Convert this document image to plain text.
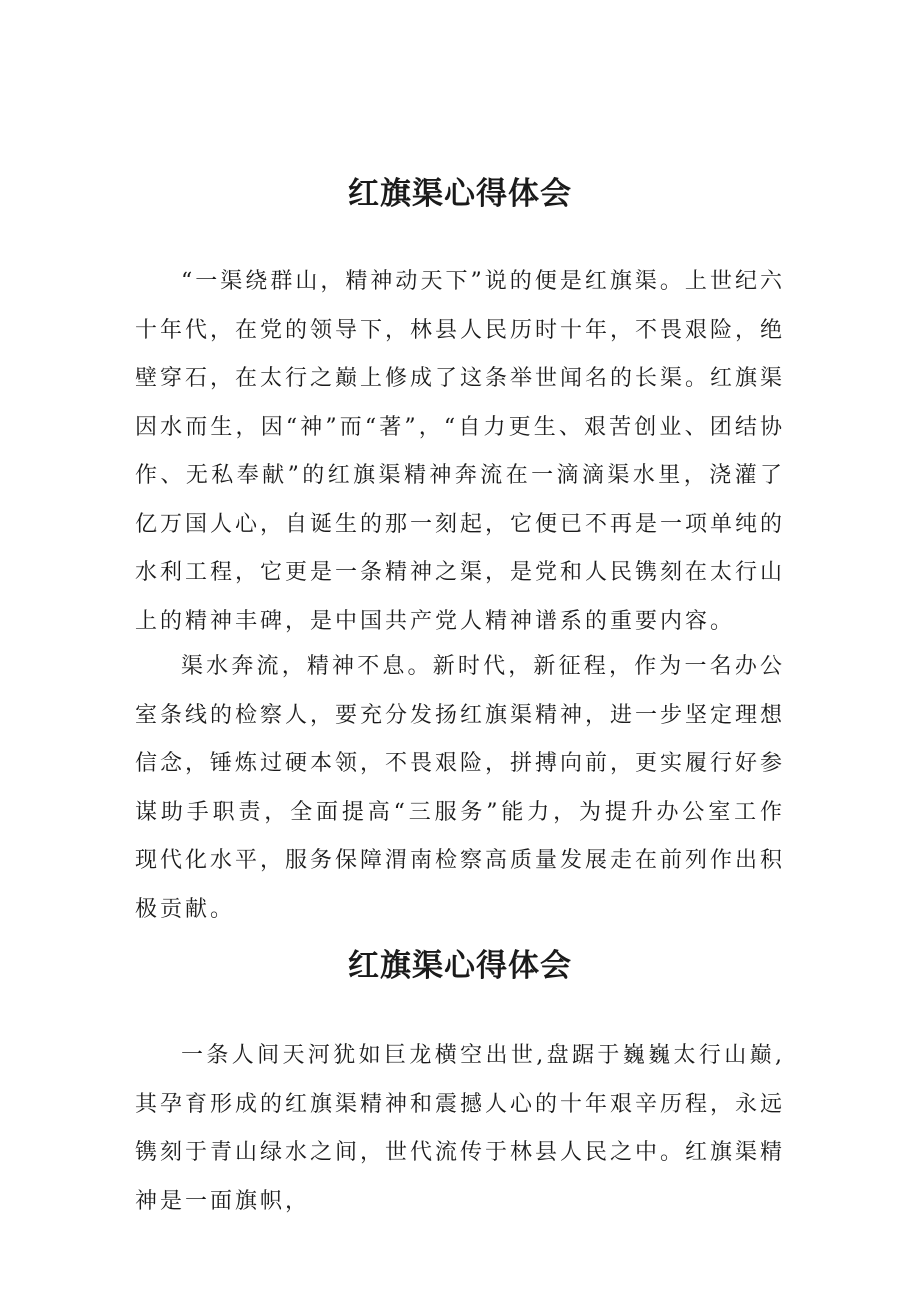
红旗渠心得体会

“一渠绕群山，精神动天下”说的便是红旗渠。上世纪六十年代，在党的领导下，林县人民历时十年，不畏艰险，绝壁穿石，在太行之巅上修成了这条举世闻名的长渠。红旗渠因水而生，因“神”而“著”，“自力更生、艰苦创业、团结协作、无私奉献”的红旗渠精神奔流在一滴滴渠水里，浇灌了亿万国人心，自诞生的那一刻起，它便已不再是一项单纯的水利工程，它更是一条精神之渠，是党和人民镌刻在太行山上的精神丰碑，是中国共产党人精神谱系的重要内容。

渠水奔流，精神不息。新时代，新征程，作为一名办公室条线的检察人，要充分发扬红旗渠精神，进一步坚定理想信念，锤炼过硬本领，不畏艰险，拼搏向前，更实履行好参谋助手职责，全面提高“三服务”能力，为提升办公室工作现代化水平，服务保障渭南检察高质量发展走在前列作出积极贡献。

红旗渠心得体会

一条人间天河犹如巨龙横空出世,盘踞于巍巍太行山巅,其孕育形成的红旗渠精神和震撼人心的十年艰辛历程，永远镌刻于青山绿水之间，世代流传于林县人民之中。红旗渠精神是一面旗帜，
